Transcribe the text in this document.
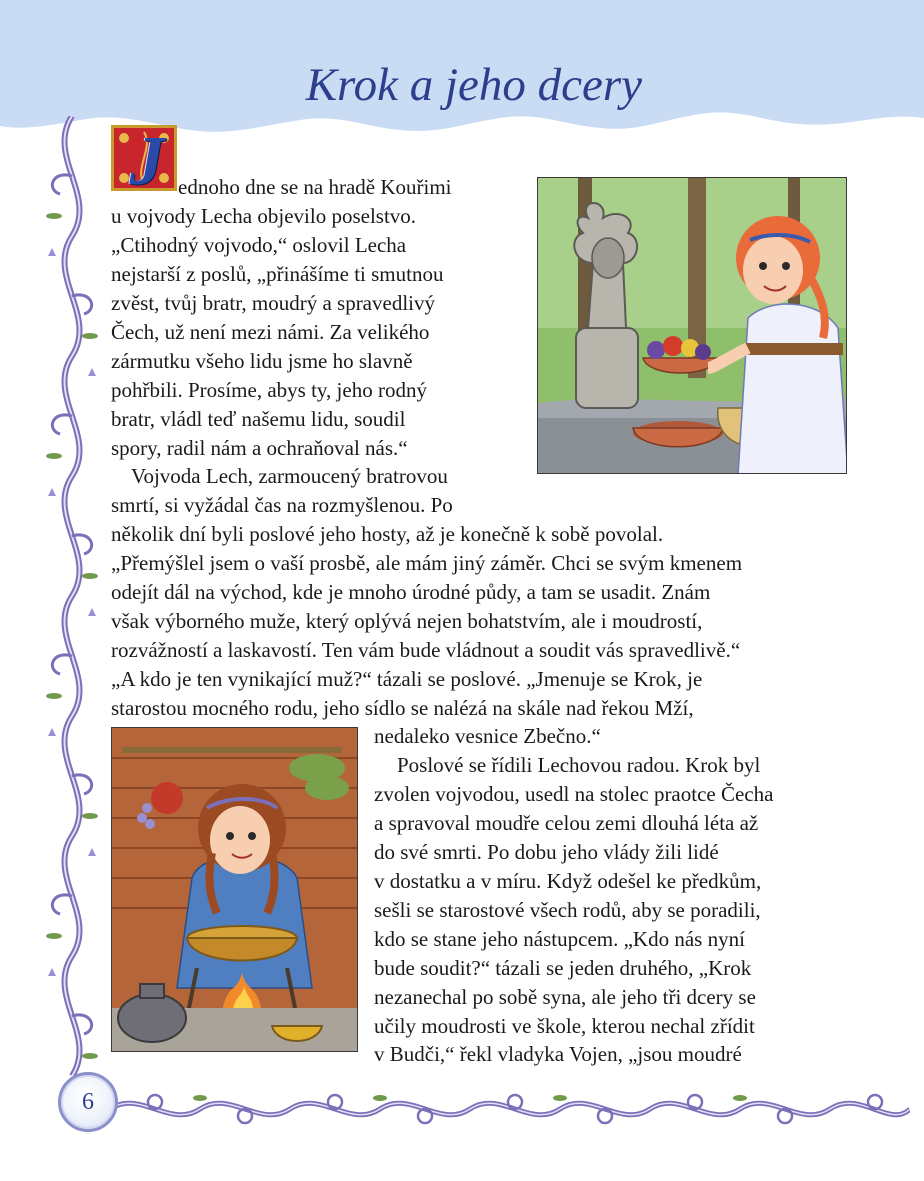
Krok a jeho dcery
6
J ednoho dne se na hradě Kouřimi
u vojvody Lecha objevilo poselstvo.
„Ctihodný vojvodo,“ oslovil Lecha
nejstarší z poslů, „přinášíme ti smutnou
zvěst, tvůj bratr, moudrý a spravedlivý
Čech, už není mezi námi. Za velikého
zármutku všeho lidu jsme ho slavně
pohřbili. Prosíme, abys ty, jeho rodný
bratr, vládl teď našemu lidu, soudil
spory, radil nám a ochraňoval nás.“
Vojvoda Lech, zarmoucený bratrovou
smrtí, si vyžádal čas na rozmyšlenou. Po
několik dní byli poslové jeho hosty, až je konečně k sobě povolal.
„Přemýšlel jsem o vaší prosbě, ale mám jiný záměr. Chci se svým kmenem
odejít dál na východ, kde je mnoho úrodné půdy, a tam se usadit. Znám
však výborného muže, který oplývá nejen bohatstvím, ale i moudrostí,
rozvážností a laskavostí. Ten vám bude vládnout a soudit vás spravedlivě.“
„A kdo je ten vynikající muž?“ tázali se poslové. „Jmenuje se Krok, je
starostou mocného rodu, jeho sídlo se nalézá na skále nad řekou Mží,
nedaleko vesnice Zbečno.“
Poslové se řídili Lechovou radou. Krok byl
zvolen vojvodou, usedl na stolec praotce Čecha
a spravoval moudře celou zemi dlouhá léta až
do své smrti. Po dobu jeho vlády žili lidé
v dostatku a v míru. Když odešel ke předkům,
sešli se starostové všech rodů, aby se poradili,
kdo se stane jeho nástupcem. „Kdo nás nyní
bude soudit?“ tázali se jeden druhého, „Krok
nezanechal po sobě syna, ale jeho tři dcery se
učily moudrosti ve škole, kterou nechal zřídit
v Budči,“ řekl vladyka Vojen, „jsou moudré
